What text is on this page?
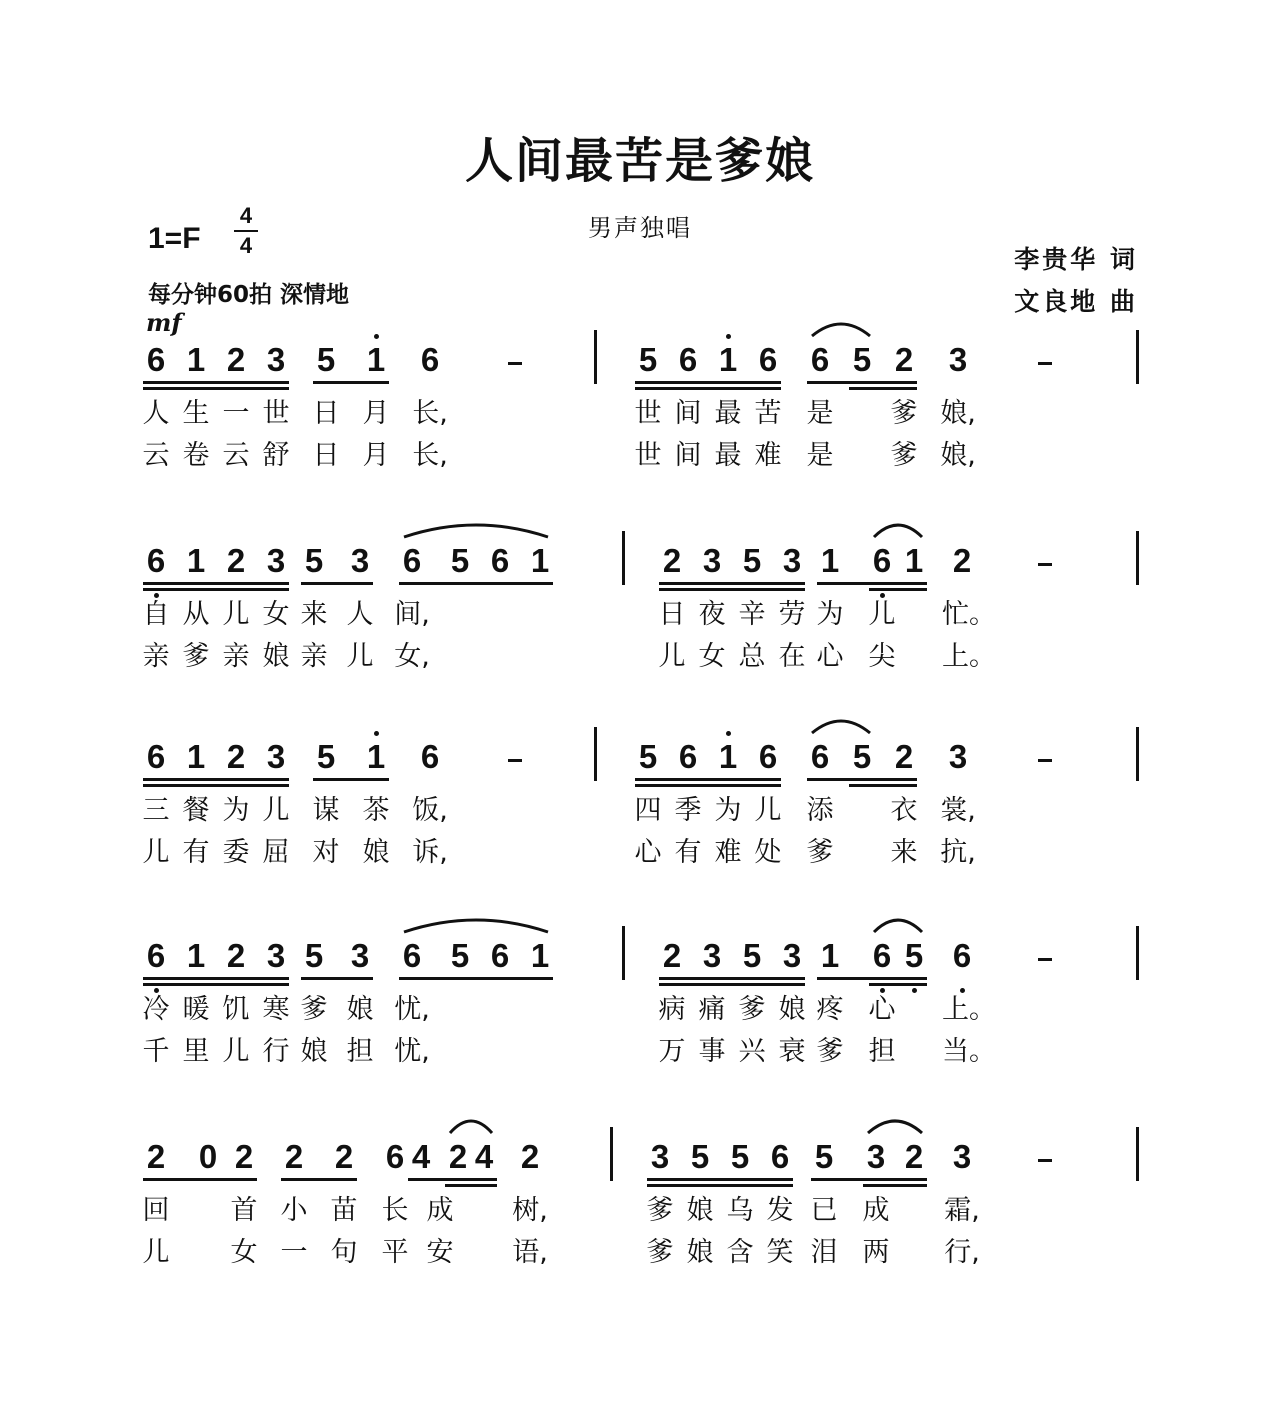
人间最苦是爹娘
男声独唱
1=F
4
4
每分钟60拍 深情地
李贵华 词
文良地 曲
mf
6 1 2 3 5 1 6	5 6 1 6 6 5 2 3
人 生 一 世 日 月 长,	世 间 最 苦 是 爹 娘,
云 卷 云 舒 日 月 长,	世 间 最 难 是 爹 娘,
6 1 2 3 5 3 6 5 6 1	2 3 5 3 1 6 1 2
自 从 儿 女 来 人 间,	日 夜 辛 劳 为 儿 忙。
亲 爹 亲 娘 亲 儿 女,	儿 女 总 在 心 尖 上。
6 1 2 3 5 1 6	5 6 1 6 6 5 2 3
三 餐 为 儿 谋 茶 饭,	四 季 为 儿 添 衣 裳,
儿 有 委 屈 对 娘 诉,	心 有 难 处 爹 来 抗,
6 1 2 3 5 3 6 5 6 1	2 3 5 3 1 6 5 6
冷 暖 饥 寒 爹 娘 忧,	病 痛 爹 娘 疼 心 上。
千 里 儿 行 娘 担 忧,	万 事 兴 衰 爹 担 当。
2 0 2 2 2 6 4 2 4 2	3 5 5 6 5 3 2 3
回 首 小 苗 长 成 树,	爹 娘 乌 发 已 成 霜,
儿 女 一 句 平 安 语,	爹 娘 含 笑 泪 两 行,
